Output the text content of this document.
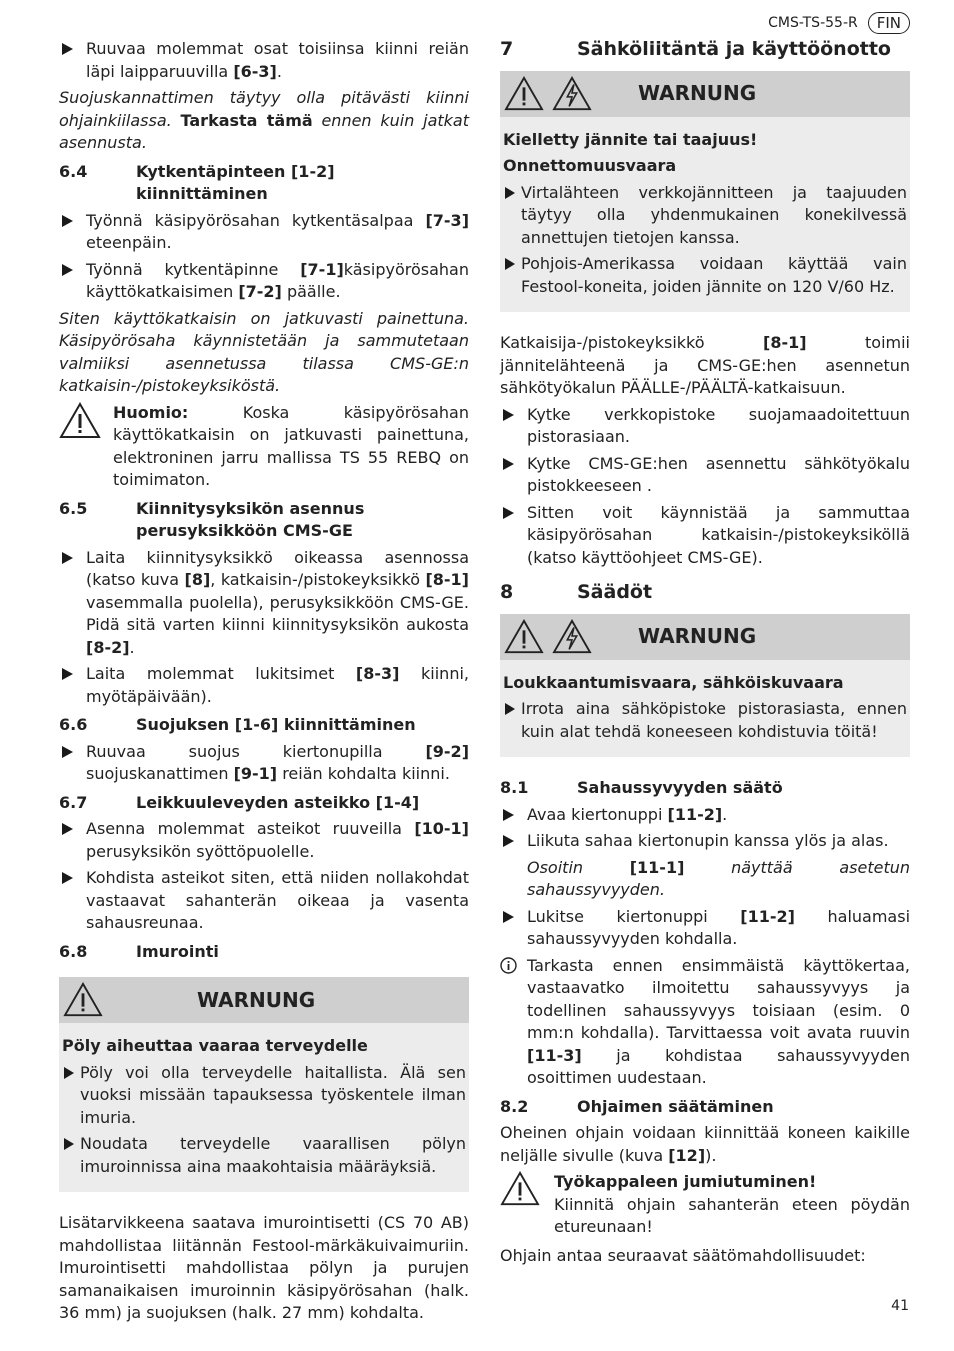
CMS-TS-55-R	FIN
Ruuvaa molemmat osat toisiinsa kiinni reiän läpi laipparuuvilla [6-3].

Suojuskannattimen täytyy olla pitävästi kiinni ohjainkiilassa. Tarkasta tämä ennen kuin jatkat asennusta.

6.4	Kytkentäpinteen [1-2] kiinnittäminen
Työnnä käsipyörösahan kytkentäsalpaa [7-3] eteenpäin.
Työnnä kytkentäpinne [7-1]käsipyörösahan käyttökatkaisimen [7-2] päälle.

Siten käyttökatkaisin on jatkuvasti painettuna. Käsipyörösaha käynnistetään ja sammutetaan valmiiksi asennetussa tilassa CMS-GE:n katkaisin-/pistokeyksiköstä.

Huomio: Koska käsipyörösahan käyttökatkaisin on jatkuvasti painettuna, elektroninen jarru mallissa TS 55 REBQ on toimimaton.

6.5	Kiinnitysyksikön asennus perusyksikköön CMS-GE
Laita kiinnitysyksikkö oikeassa asennossa (katso kuva [8], katkaisin-/pistokeyksikkö [8-1] vasemmalla puolella), perusyksikköön CMS-GE. Pidä sitä varten kiinni kiinnitysyksikön aukosta [8-2].
Laita molemmat lukitsimet [8-3] kiinni, myötäpäivään).
6.6	Suojuksen [1-6] kiinnittäminen
Ruuvaa suojus kiertonupilla [9-2] suojuskanattimen [9-1] reiän kohdalta kiinni.
6.7	Leikkuuleveyden asteikko [1-4]
Asenna molemmat asteikot ruuveilla [10-1] perusyksikön syöttöpuolelle.
Kohdista asteikot siten, että niiden nollakohdat vastaavat sahanterän oikeaa ja vasenta sahausreunaa.
6.8	Imurointi
WARNUNG

Pöly aiheuttaa vaaraa terveydelle

Pöly voi olla terveydelle haitallista. Älä sen vuoksi missään tapauksessa työskentele ilman imuria.
Noudata terveydelle vaarallisen pölyn imuroinnissa aina maakohtaisia määräyksiä.

Lisätarvikkeena saatava imurointisetti (CS 70 AB) mahdollistaa liitännän Festool-märkäkuivaimuriin. Imurointisetti mahdollistaa pölyn ja purujen samanaikaisen imuroinnin käsipyörösahan (halk. 36 mm) ja suojuksen (halk. 27 mm) kohdalta.

7	Sähköliitäntä ja käyttöönotto
WARNUNG

Kielletty jännite tai taajuus!

Onnettomuusvaara

Virtalähteen verkkojännitteen ja taajuuden täytyy olla yhdenmukainen konekilvessä annettujen tietojen kanssa.
Pohjois-Amerikassa voidaan käyttää vain Festool-koneita, joiden jännite on 120 V/60 Hz.

Katkaisija-/pistokeyksikkö [8-1] toimii jännitelähteenä ja CMS-GE:hen asennetun sähkötyökalun PÄÄLLE-/PÄÄLTÄ-katkaisuun.

Kytke verkkopistoke suojamaadoitettuun pistorasiaan.
Kytke CMS-GE:hen asennettu sähkötyökalu pistokkeeseen .
Sitten voit käynnistää ja sammuttaa käsipyörösahan katkaisin-/pistokeyksiköllä (katso käyttöohjeet CMS-GE).
8	Säädöt
WARNUNG

Loukkaantumisvaara, sähköiskuvaara

Irrota aina sähköpistoke pistorasiasta, ennen kuin alat tehdä koneeseen kohdistuvia töitä!
8.1	Sahaussyvyyden säätö
Avaa kiertonuppi [11-2].
Liikuta sahaa kiertonupin kanssa ylös ja alas.

Osoitin [11-1] näyttää asetetun sahaussyvyyden.

Lukitse kiertonuppi [11-2] haluamasi sahaussyvyyden kohdalla.
Tarkasta ennen ensimmäistä käyttökertaa, vastaavatko ilmoitettu sahaussyvyys ja todellinen sahaussyvyys toisiaan (esim. 0 mm:n kohdalla). Tarvittaessa voit avata ruuvin [11-3] ja kohdistaa sahaussyvyyden osoittimen uudestaan.
8.2	Ohjaimen säätäminen

Oheinen ohjain voidaan kiinnittää koneen kaikille neljälle sivulle (kuva [12]).

Työkappaleen jumiutuminen!

Kiinnitä ohjain sahanterän eteen pöydän etureunaan!

Ohjain antaa seuraavat säätömahdollisuudet:

41
